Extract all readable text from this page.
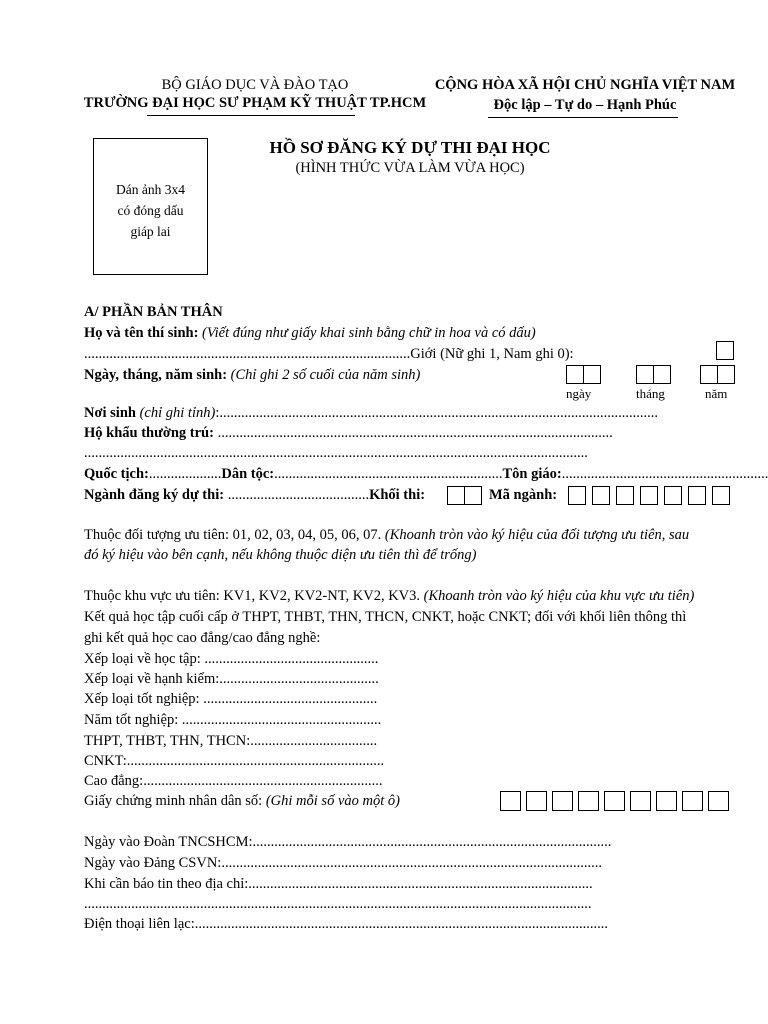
BỘ GIÁO DỤC VÀ ĐÀO TẠO
TRƯỜNG ĐẠI HỌC SƯ PHẠM KỸ THUẬT TP.HCM
CỘNG HÒA XÃ HỘI CHỦ NGHĨA VIỆT NAM
Độc lập – Tự do – Hạnh Phúc
Dán ảnh 3x4
có đóng dấu
giáp lai
HỒ SƠ ĐĂNG KÝ DỰ THI ĐẠI HỌC
(HÌNH THỨC VỪA LÀM VỪA HỌC)
A/ PHẦN BẢN THÂN
Họ và tên thí sinh: (Viết đúng như giấy khai sinh bằng chữ in hoa và có dấu)
..........................................................................................Giới (Nữ ghi 1, Nam ghi 0):
Ngày, tháng, năm sinh: (Chỉ ghi 2 số cuối của năm sinh)
ngày	tháng	năm
Nơi sinh (chỉ ghi tỉnh):.........................................................................................................................
Hộ khẩu thường trú: .............................................................................................................
...........................................................................................................................................
Quốc tịch:....................Dân tộc:...............................................................Tôn giáo:.........................................................
Ngành đăng ký dự thi: .......................................Khối thi:	Mã ngành:
Thuộc đối tượng ưu tiên: 01, 02, 03, 04, 05, 06, 07. (Khoanh tròn vào ký hiệu của đối tượng ưu tiên, sau
đó ký hiệu vào bên cạnh, nếu không thuộc diện ưu tiên thì để trống)
Thuộc khu vực ưu tiên: KV1, KV2, KV2-NT, KV2, KV3. (Khoanh tròn vào ký hiệu của khu vực ưu tiên)
Kết quả học tập cuối cấp ở THPT, THBT, THN, THCN, CNKT, hoặc CNKT; đối với khối liên thông thì
ghi kết quả học cao đẳng/cao đẳng nghề:
Xếp loại về học tập: ................................................
Xếp loại về hạnh kiểm:............................................
Xếp loại tốt nghiệp: ................................................
Năm tốt nghiệp: .......................................................
THPT, THBT, THN, THCN:...................................
CNKT:.......................................................................
Cao đẳng:..................................................................
Giấy chứng minh nhân dân số: (Ghi mỗi số vào một ô)
Ngày vào Đoàn TNCSHCM:...................................................................................................
Ngày vào Đảng CSVN:.........................................................................................................
Khi cần báo tin theo địa chỉ:...............................................................................................
............................................................................................................................................
Điện thoại liên lạc:..................................................................................................................
